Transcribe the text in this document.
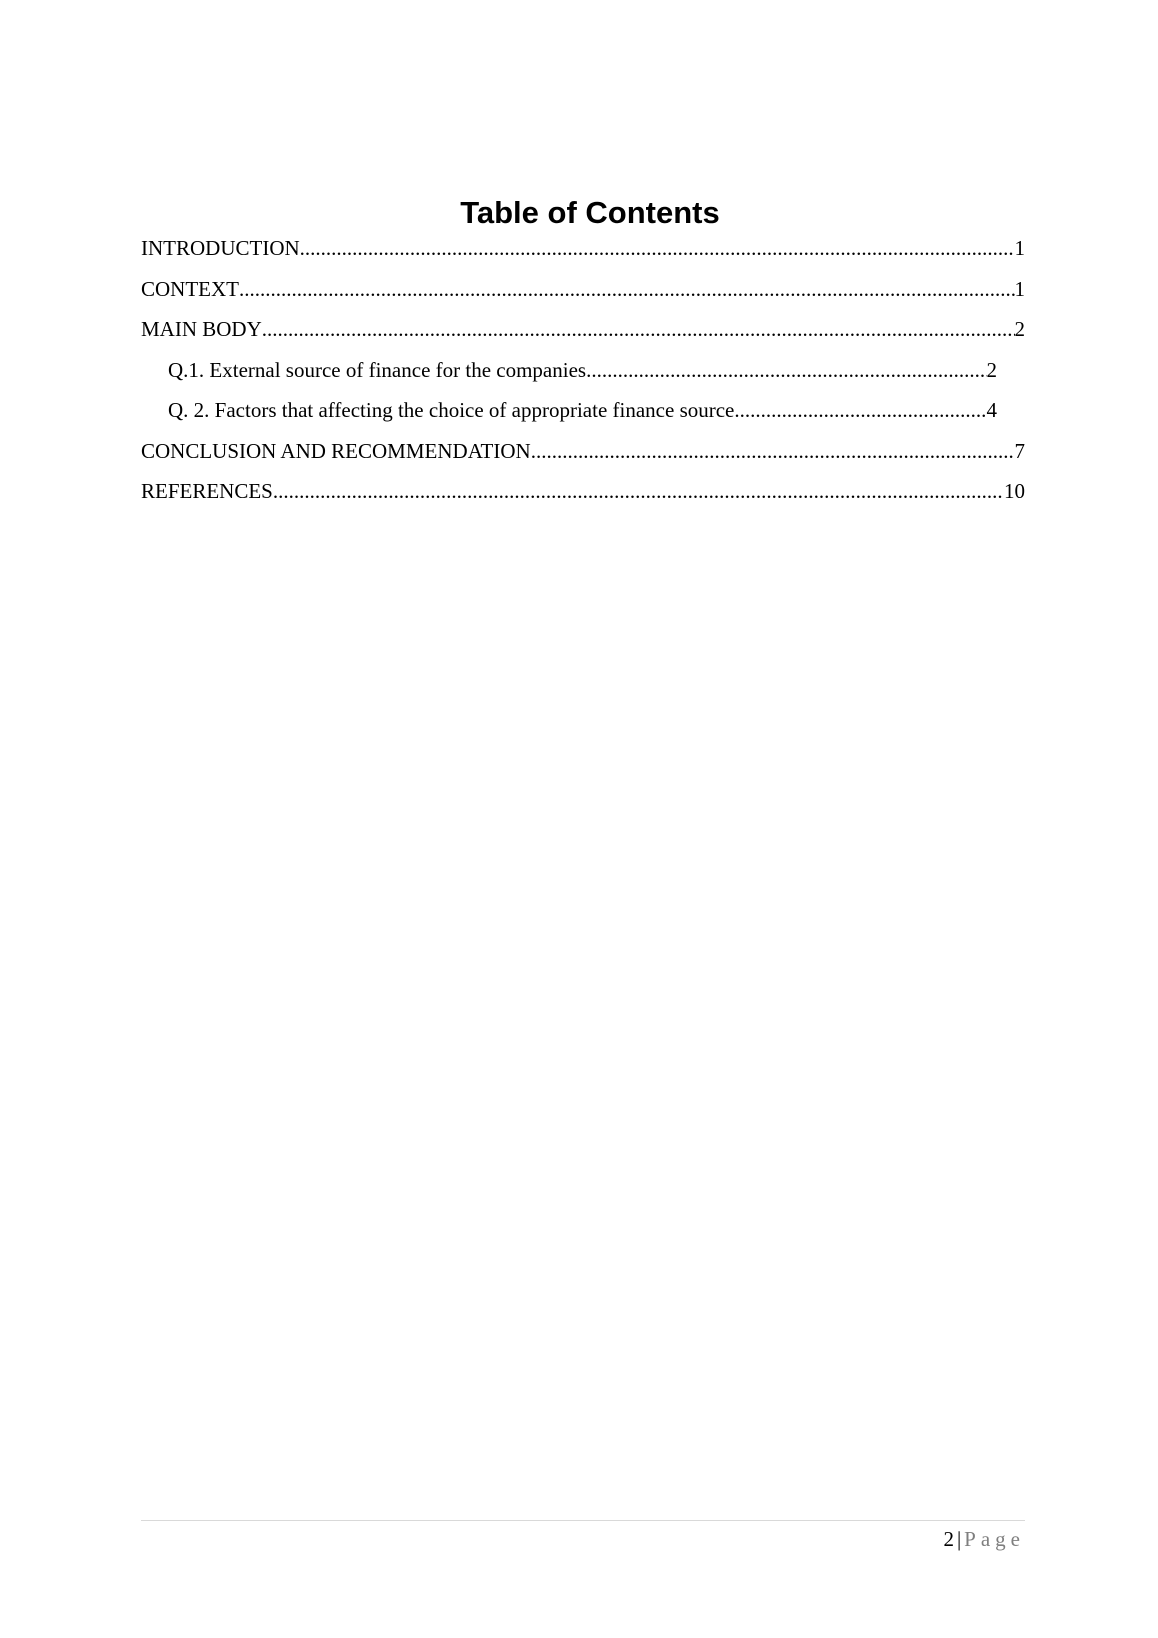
Table of Contents
INTRODUCTION .....	1
CONTEXT .....	1
MAIN BODY .....	2
Q.1. External source of finance for the companies .....	2
Q. 2. Factors that affecting the choice of appropriate finance source .....	4
CONCLUSION AND RECOMMENDATION .....	7
REFERENCES .....	10
2 | Page
